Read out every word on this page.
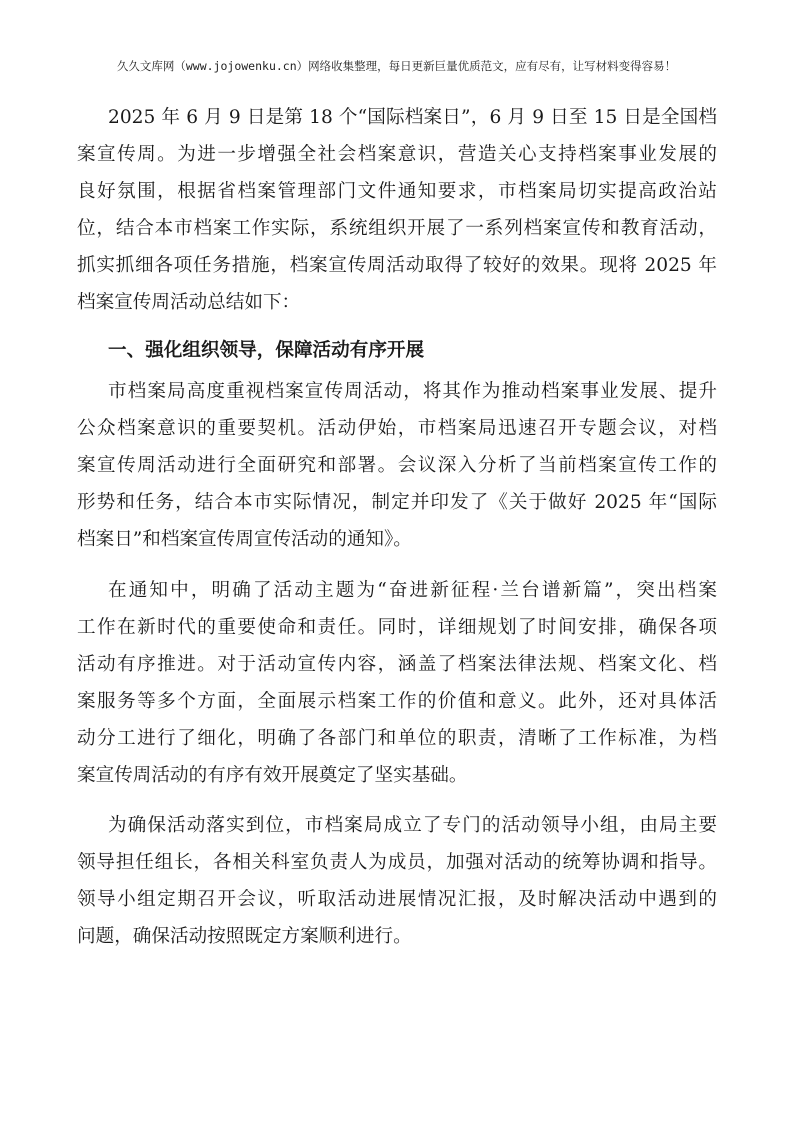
久久文库网（www.jojowenku.cn）网络收集整理，每日更新巨量优质范文，应有尽有，让写材料变得容易！
2025 年 6 月 9 日是第 18 个“国际档案日”，6 月 9 日至 15 日是全国档
案宣传周。为进一步增强全社会档案意识，营造关心支持档案事业发展的
良好氛围，根据省档案管理部门文件通知要求，市档案局切实提高政治站
位，结合本市档案工作实际，系统组织开展了一系列档案宣传和教育活动，
抓实抓细各项任务措施，档案宣传周活动取得了较好的效果。现将 2025 年
档案宣传周活动总结如下：
一、强化组织领导，保障活动有序开展
市档案局高度重视档案宣传周活动，将其作为推动档案事业发展、提升
公众档案意识的重要契机。活动伊始，市档案局迅速召开专题会议，对档
案宣传周活动进行全面研究和部署。会议深入分析了当前档案宣传工作的
形势和任务，结合本市实际情况，制定并印发了《关于做好 2025 年“国际
档案日”和档案宣传周宣传活动的通知》。
在通知中，明确了活动主题为“奋进新征程·兰台谱新篇”，突出档案
工作在新时代的重要使命和责任。同时，详细规划了时间安排，确保各项
活动有序推进。对于活动宣传内容，涵盖了档案法律法规、档案文化、档
案服务等多个方面，全面展示档案工作的价值和意义。此外，还对具体活
动分工进行了细化，明确了各部门和单位的职责，清晰了工作标准，为档
案宣传周活动的有序有效开展奠定了坚实基础。
为确保活动落实到位，市档案局成立了专门的活动领导小组，由局主要
领导担任组长，各相关科室负责人为成员，加强对活动的统筹协调和指导。
领导小组定期召开会议，听取活动进展情况汇报，及时解决活动中遇到的
问题，确保活动按照既定方案顺利进行。
